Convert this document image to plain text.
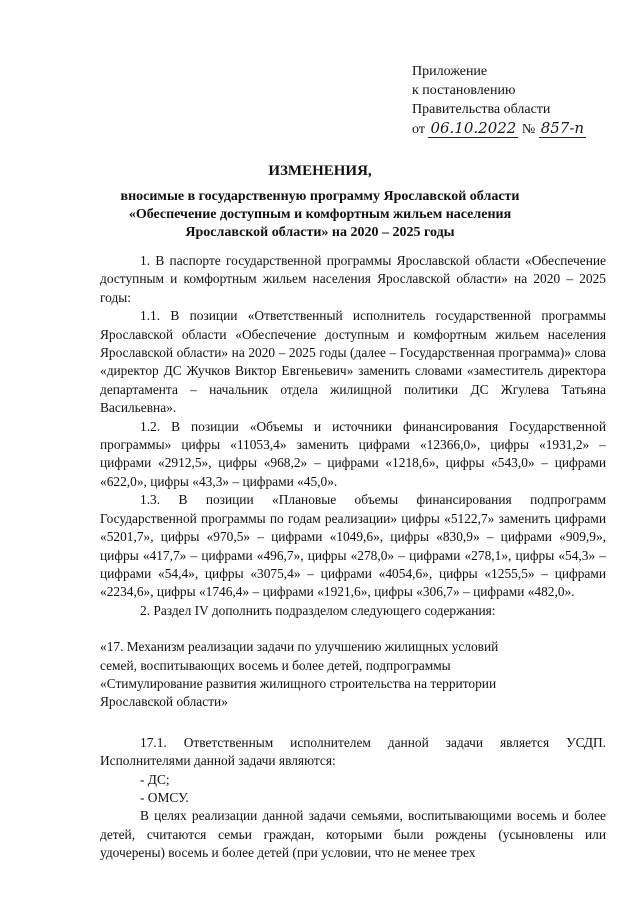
Приложение
к постановлению
Правительства области
от 06.10.2022 № 857-п
ИЗМЕНЕНИЯ,
вносимые в государственную программу Ярославской области
«Обеспечение доступным и комфортным жильем населения
Ярославской области» на 2020 – 2025 годы

1. В паспорте государственной программы Ярославской области «Обеспечение доступным и комфортным жильем населения Ярославской области» на 2020 – 2025 годы:

1.1. В позиции «Ответственный исполнитель государственной программы Ярославской области «Обеспечение доступным и комфортным жильем населения Ярославской области» на 2020 – 2025 годы (далее – Государственная программа)» слова «директор ДС Жучков Виктор Евгеньевич» заменить словами «заместитель директора департамента – начальник отдела жилищной политики ДС Жгулева Татьяна Васильевна».

1.2. В позиции «Объемы и источники финансирования Государственной программы» цифры «11053,4» заменить цифрами «12366,0», цифры «1931,2» – цифрами «2912,5», цифры «968,2» – цифрами «1218,6», цифры «543,0» – цифрами «622,0», цифры «43,3» – цифрами «45,0».

1.3. В позиции «Плановые объемы финансирования подпрограмм Государственной программы по годам реализации» цифры «5122,7» заменить цифрами «5201,7», цифры «970,5» – цифрами «1049,6», цифры «830,9» – цифрами «909,9», цифры «417,7» – цифрами «496,7», цифры «278,0» – цифрами «278,1», цифры «54,3» – цифрами «54,4», цифры «3075,4» – цифрами «4054,6», цифры «1255,5» – цифрами «2234,6», цифры «1746,4» – цифрами «1921,6», цифры «306,7» – цифрами «482,0».

2. Раздел IV дополнить подразделом следующего содержания:

«17. Механизм реализации задачи по улучшению жилищных условий
семей, воспитывающих восемь и более детей, подпрограммы
«Стимулирование развития жилищного строительства на территории
Ярославской области»

17.1. Ответственным исполнителем данной задачи является УСДП. Исполнителями данной задачи являются:

- ДС;

- ОМСУ.

В целях реализации данной задачи семьями, воспитывающими восемь и более детей, считаются семьи граждан, которыми были рождены (усыновлены или удочерены) восемь и более детей (при условии, что не менее трех
